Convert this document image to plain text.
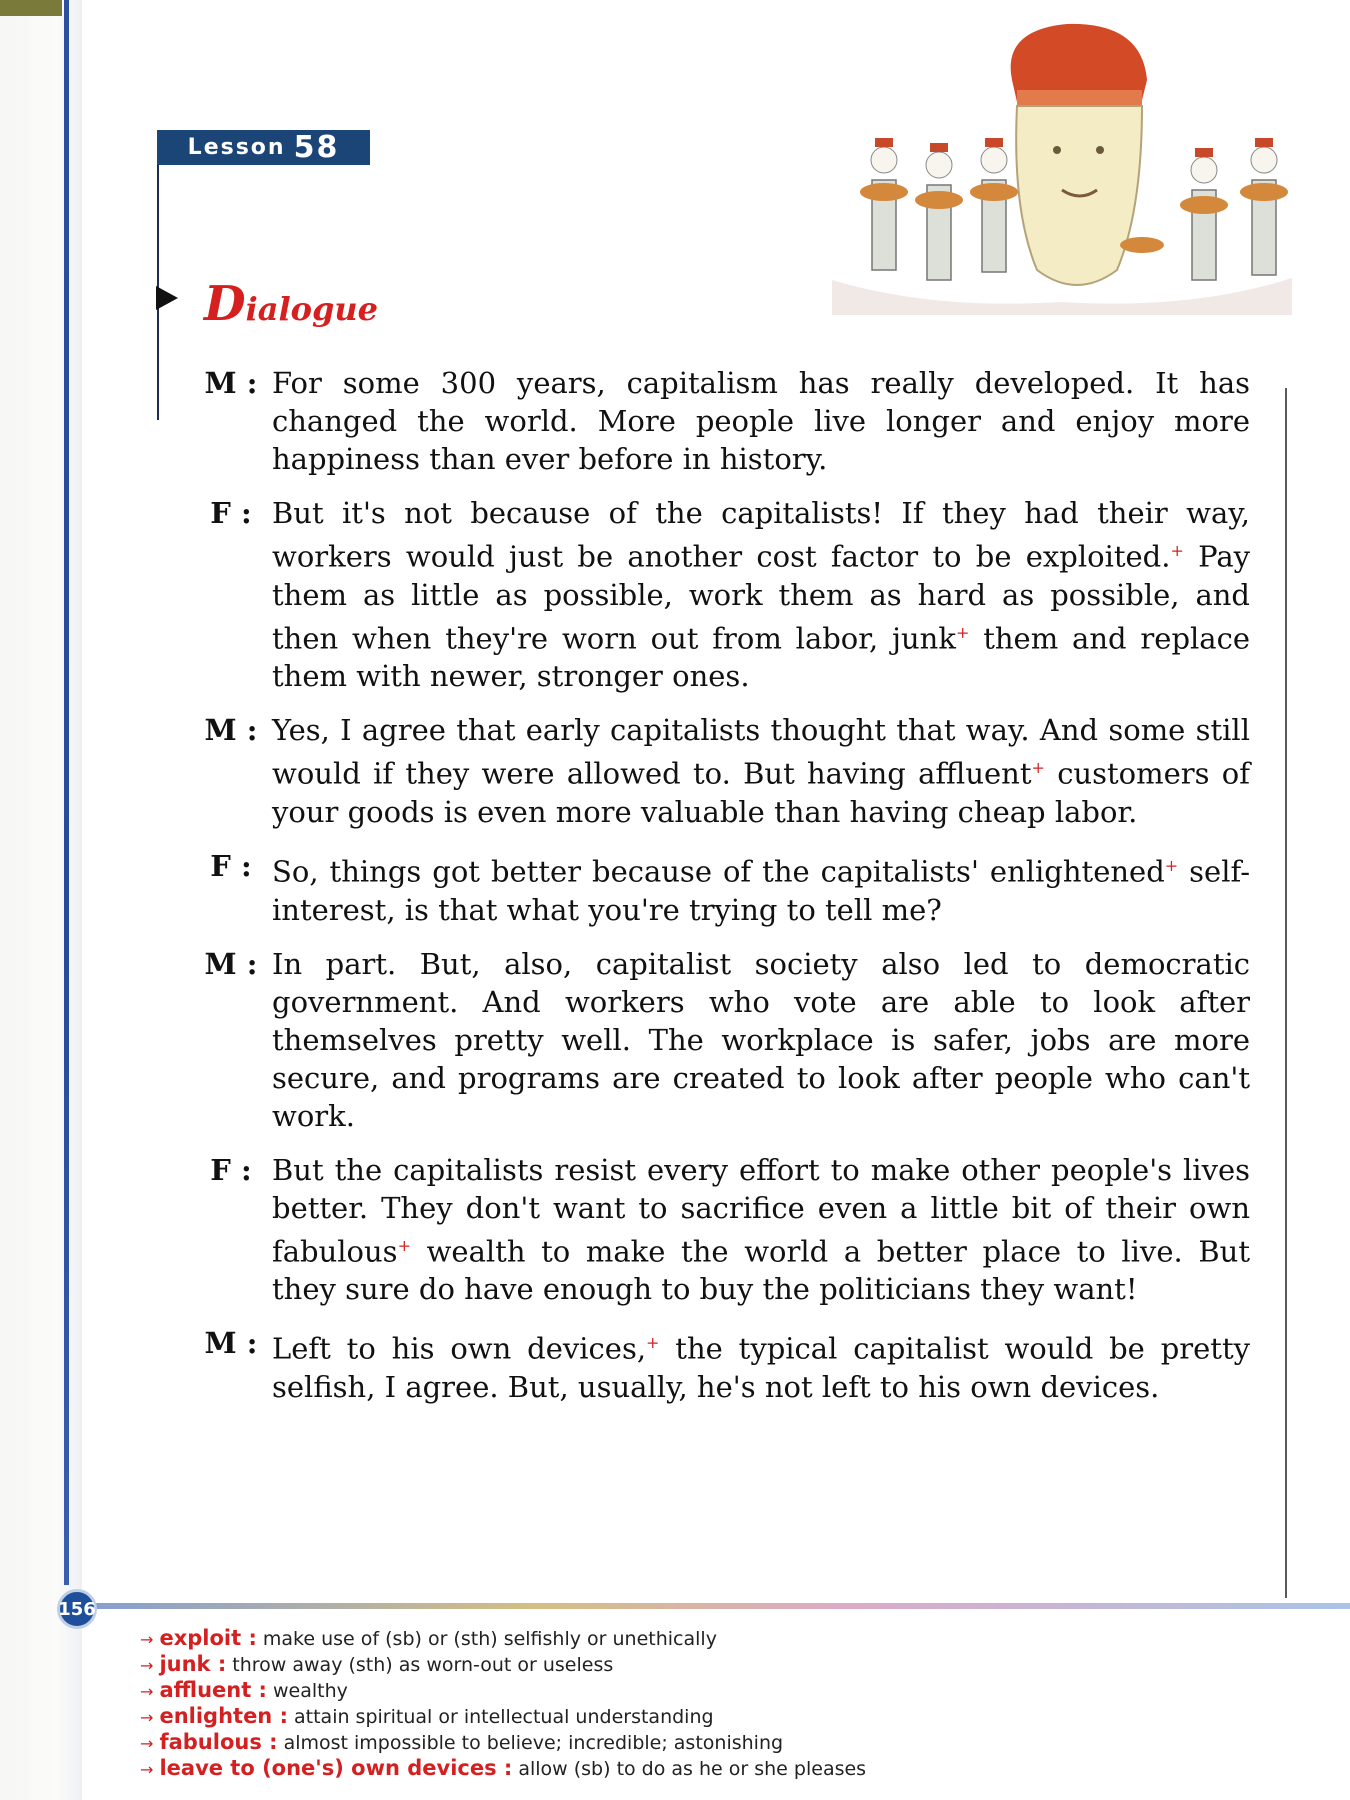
Lesson 58
Dialogue
M : For some 300 years, capitalism has really developed. It has changed the world. More people live longer and enjoy more happiness than ever before in history.
F : But it's not because of the capitalists! If they had their way, workers would just be another cost factor to be exploited.+ Pay them as little as possible, work them as hard as possible, and then when they're worn out from labor, junk+ them and replace them with newer, stronger ones.
M : Yes, I agree that early capitalists thought that way. And some still would if they were allowed to. But having affluent+ customers of your goods is even more valuable than having cheap labor.
F : So, things got better because of the capitalists' enlightened+ self-interest, is that what you're trying to tell me?
M : In part. But, also, capitalist society also led to democratic government. And workers who vote are able to look after themselves pretty well. The workplace is safer, jobs are more secure, and programs are created to look after people who can't work.
F : But the capitalists resist every effort to make other people's lives better. They don't want to sacrifice even a little bit of their own fabulous+ wealth to make the world a better place to live. But they sure do have enough to buy the politicians they want!
M : Left to his own devices,+ the typical capitalist would be pretty selfish, I agree. But, usually, he's not left to his own devices.
156
→ exploit : make use of (sb) or (sth) selfishly or unethically
→ junk : throw away (sth) as worn-out or useless
→ affluent : wealthy
→ enlighten : attain spiritual or intellectual understanding
→ fabulous : almost impossible to believe; incredible; astonishing
→ leave to (one's) own devices : allow (sb) to do as he or she pleases
